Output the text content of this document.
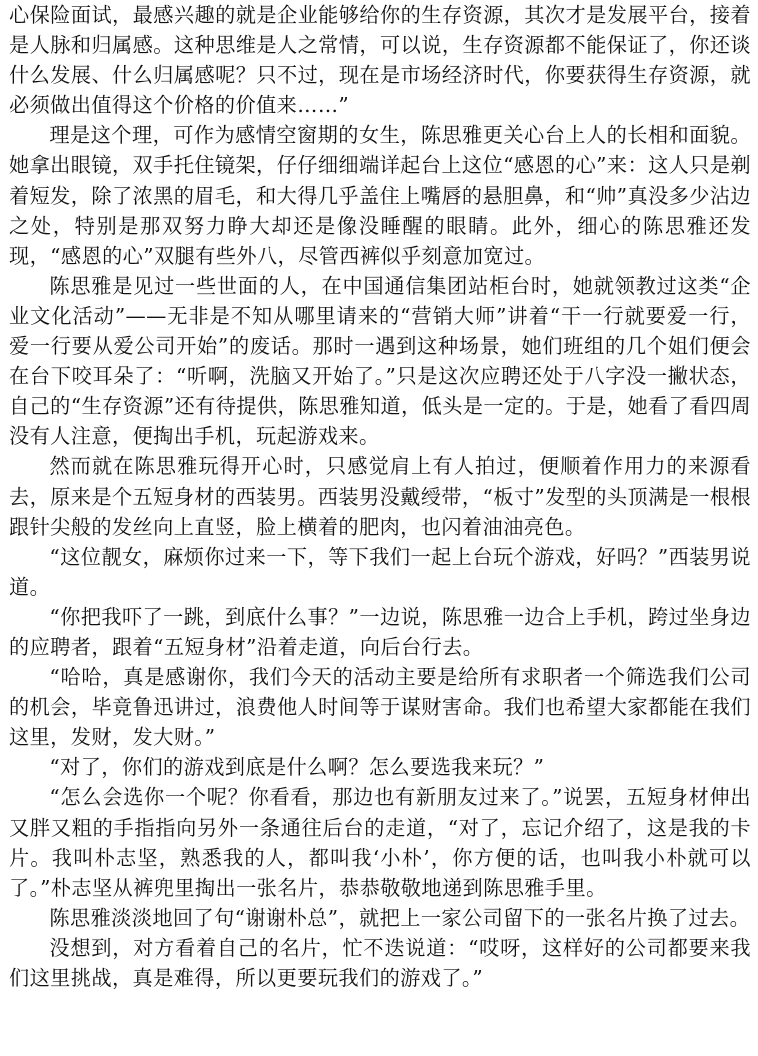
心保险面试，最感兴趣的就是企业能够给你的生存资源，其次才是发展平台，接着是人脉和归属感。这种思维是人之常情，可以说，生存资源都不能保证了，你还谈什么发展、什么归属感呢？只不过，现在是市场经济时代，你要获得生存资源，就必须做出值得这个价格的价值来……”

理是这个理，可作为感情空窗期的女生，陈思雅更关心台上人的长相和面貌。她拿出眼镜，双手托住镜架，仔仔细细端详起台上这位“感恩的心”来：这人只是剃着短发，除了浓黑的眉毛，和大得几乎盖住上嘴唇的悬胆鼻，和“帅”真没多少沾边之处，特别是那双努力睁大却还是像没睡醒的眼睛。此外，细心的陈思雅还发现，“感恩的心”双腿有些外八，尽管西裤似乎刻意加宽过。

陈思雅是见过一些世面的人，在中国通信集团站柜台时，她就领教过这类“企业文化活动”——无非是不知从哪里请来的“营销大师”讲着“干一行就要爱一行，爱一行要从爱公司开始”的废话。那时一遇到这种场景，她们班组的几个姐们便会在台下咬耳朵了：“听啊，洗脑又开始了。”只是这次应聘还处于八字没一撇状态，自己的“生存资源”还有待提供，陈思雅知道，低头是一定的。于是，她看了看四周没有人注意，便掏出手机，玩起游戏来。

然而就在陈思雅玩得开心时，只感觉肩上有人拍过，便顺着作用力的来源看去，原来是个五短身材的西装男。西装男没戴绶带，“板寸”发型的头顶满是一根根跟针尖般的发丝向上直竖，脸上横着的肥肉，也闪着油油亮色。

“这位靓女，麻烦你过来一下，等下我们一起上台玩个游戏，好吗？”西装男说道。

“你把我吓了一跳，到底什么事？”一边说，陈思雅一边合上手机，跨过坐身边的应聘者，跟着“五短身材”沿着走道，向后台行去。

“哈哈，真是感谢你，我们今天的活动主要是给所有求职者一个筛选我们公司的机会，毕竟鲁迅讲过，浪费他人时间等于谋财害命。我们也希望大家都能在我们这里，发财，发大财。”

“对了，你们的游戏到底是什么啊？怎么要选我来玩？”

“怎么会选你一个呢？你看看，那边也有新朋友过来了。”说罢，五短身材伸出又胖又粗的手指指向另外一条通往后台的走道，“对了，忘记介绍了，这是我的卡片。我叫朴志坚，熟悉我的人，都叫我‘小朴’，你方便的话，也叫我小朴就可以了。”朴志坚从裤兜里掏出一张名片，恭恭敬敬地递到陈思雅手里。

陈思雅淡淡地回了句“谢谢朴总”，就把上一家公司留下的一张名片换了过去。

没想到，对方看着自己的名片，忙不迭说道：“哎呀，这样好的公司都要来我们这里挑战，真是难得，所以更要玩我们的游戏了。”
